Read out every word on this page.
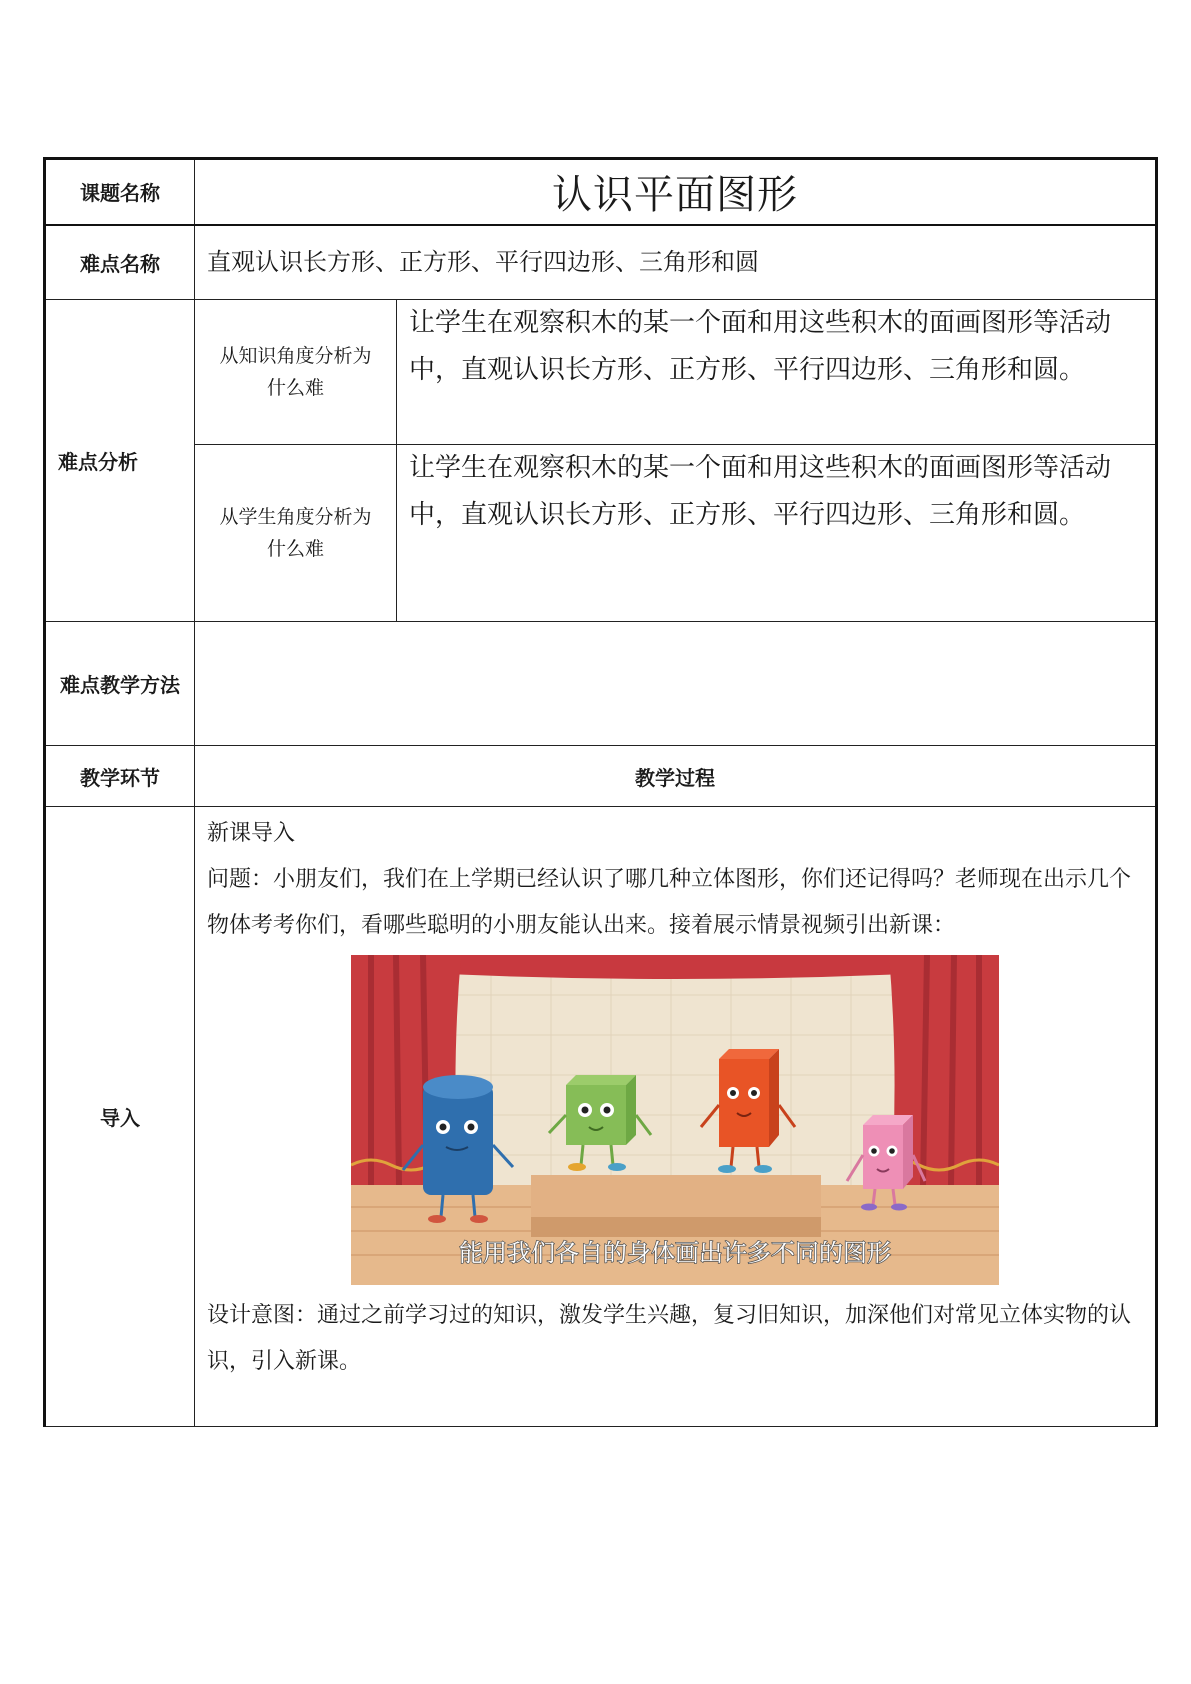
课题名称	认识平面图形	
难点名称	直观认识长方形、正方形、平行四边形、三角形和圆	
难点分析	从知识角度分析为什么难	让学生在观察积木的某一个面和用这些积木的面画图形等活动中，直观认识长方形、正方形、平行四边形、三角形和圆。

	从学生角度分析为什么难	让学生在观察积木的某一个面和用这些积木的面画图形等活动中，直观认识长方形、正方形、平行四边形、三角形和圆。
难点教学方法		
教学环节	教学过程	
导入	新课导入

问题：小朋友们，我们在上学期已经认识了哪几种立体图形，你们还记得吗？老师现在出示几个物体考考你们，看哪些聪明的小朋友能认出来。接着展示情景视频引出新课：

能用我们各自的身体画出许多不同的图形

设计意图：通过之前学习过的知识，激发学生兴趣，复习旧知识，加深他们对常见立体实物的认识，引入新课。	
